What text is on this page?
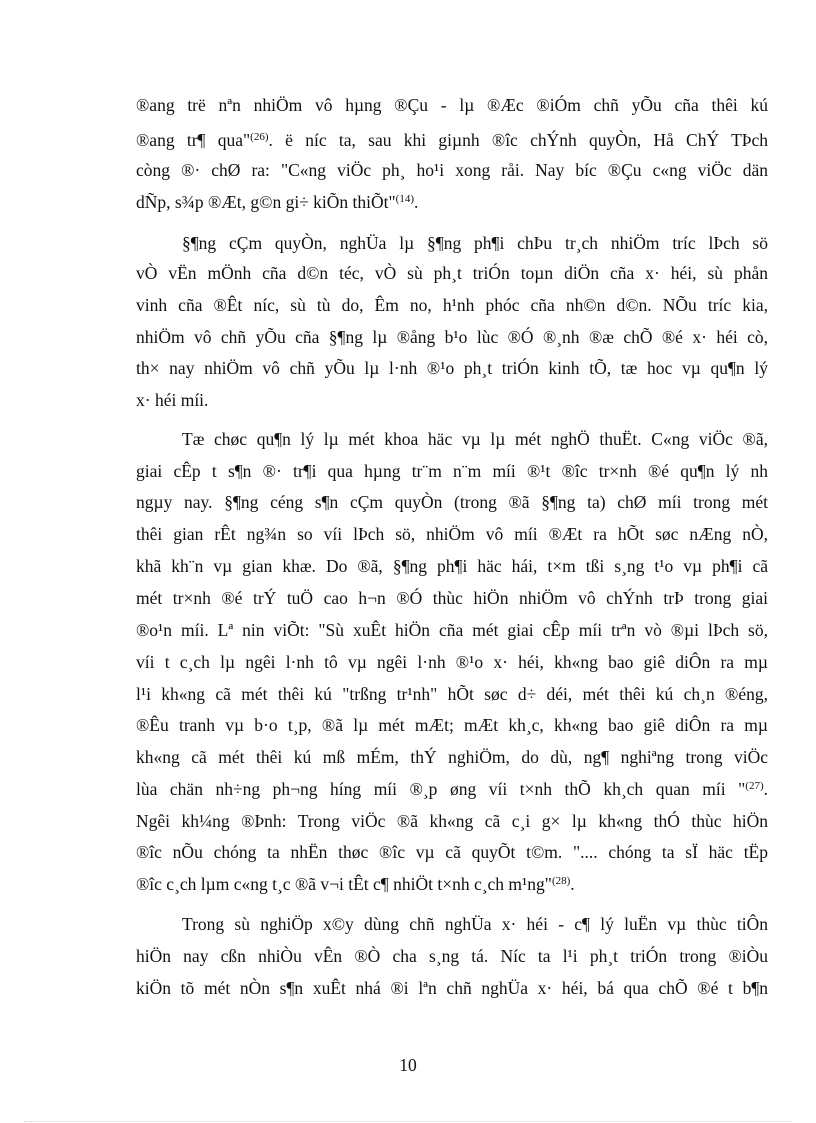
®ang trë nªn nhiÖm vô hµng ®Çu - lµ ®Æc ®iÓm chñ yÕu cña thêi kú
®ang tr¶ qua"$^{(26)}$. ë níc ta, sau khi giµnh ®îc chÝnh quyÒn, Hå ChÝ TÞch
còng ®· chØ ra: "C«ng viÖc ph¸ ho¹i xong råi. Nay bíc ®Çu c«ng viÖc dän
dÑp, s¾p ®Æt, g©n gi÷ kiÕn thiÕt"$^{(14)}$.
§¶ng cÇm quyÒn, nghÜa lµ §¶ng ph¶i chÞu tr¸ch nhiÖm tríc lÞch sö
vÒ vËn mÖnh cña d©n téc, vÒ sù ph¸t triÓn toµn diÖn cña x· héi, sù phån
vinh cña ®Êt níc, sù tù do, Êm no, h¹nh phóc cña nh©n d©n. NÕu tríc kia,
nhiÖm vô chñ yÕu cña §¶ng lµ ®ång b¹o lùc ®Ó ®¸nh ®æ chÕ ®é x· héi cò,
th× nay nhiÖm vô chñ yÕu lµ l·nh ®¹o ph¸t triÓn kinh tÕ, tæ hoc vµ qu¶n lý
x· héi míi.
Tæ chøc qu¶n lý lµ mét khoa häc vµ lµ mét nghÖ thuËt. C«ng viÖc ®ã,
giai cÊp t s¶n ®· tr¶i qua hµng tr¨m n¨m míi ®¹t ®îc tr×nh ®é qu¶n lý nh
ngµy nay. §¶ng céng s¶n cÇm quyÒn (trong ®ã §¶ng ta) chØ míi trong mét
thêi gian rÊt ng¾n so víi lÞch sö, nhiÖm vô míi ®Æt ra hÕt søc nÆng nÒ,
khã kh¨n vµ gian khæ. Do ®ã, §¶ng ph¶i häc hái, t×m tßi s¸ng t¹o vµ ph¶i cã
mét tr×nh ®é trÝ tuÖ cao h¬n ®Ó thùc hiÖn nhiÖm vô chÝnh trÞ trong giai
®o¹n míi. Lª nin viÕt: "Sù xuÊt hiÖn cña mét giai cÊp míi trªn vò ®µi lÞch sö,
víi t c¸ch lµ ngêi l·nh tô vµ ngêi l·nh ®¹o x· héi, kh«ng bao giê diÔn ra mµ
l¹i kh«ng cã mét thêi kú "trßng tr¹nh" hÕt søc d÷ déi, mét thêi kú ch¸n ®éng,
®Êu tranh vµ b·o t¸p, ®ã lµ mét mÆt; mÆt kh¸c, kh«ng bao giê diÔn ra mµ
kh«ng cã mét thêi kú mß mÉm, thÝ nghiÖm, do dù, ng¶ nghiªng trong viÖc
lùa chän nh÷ng ph¬ng híng míi ®¸p øng víi t×nh thÕ kh¸ch quan míi "$^{(27)}$.
Ngêi kh¼ng ®Þnh: Trong viÖc ®ã kh«ng cã c¸i g× lµ kh«ng thÓ thùc hiÖn
®îc nÕu chóng ta nhËn thøc ®îc vµ cã quyÕt t©m. ".... chóng ta sÏ häc tËp
®îc c¸ch lµm c«ng t¸c ®ã v¬i tÊt c¶ nhiÖt t×nh c¸ch m¹ng"$^{(28)}$.
Trong sù nghiÖp x©y dùng chñ nghÜa x· héi - c¶ lý luËn vµ thùc tiÔn
hiÖn nay cßn nhiÒu vÊn ®Ò cha s¸ng tá. Níc ta l¹i ph¸t triÓn trong ®iÒu
kiÖn tõ mét nÒn s¶n xuÊt nhá ®i lªn chñ nghÜa x· héi, bá qua chÕ ®é t b¶n
10
